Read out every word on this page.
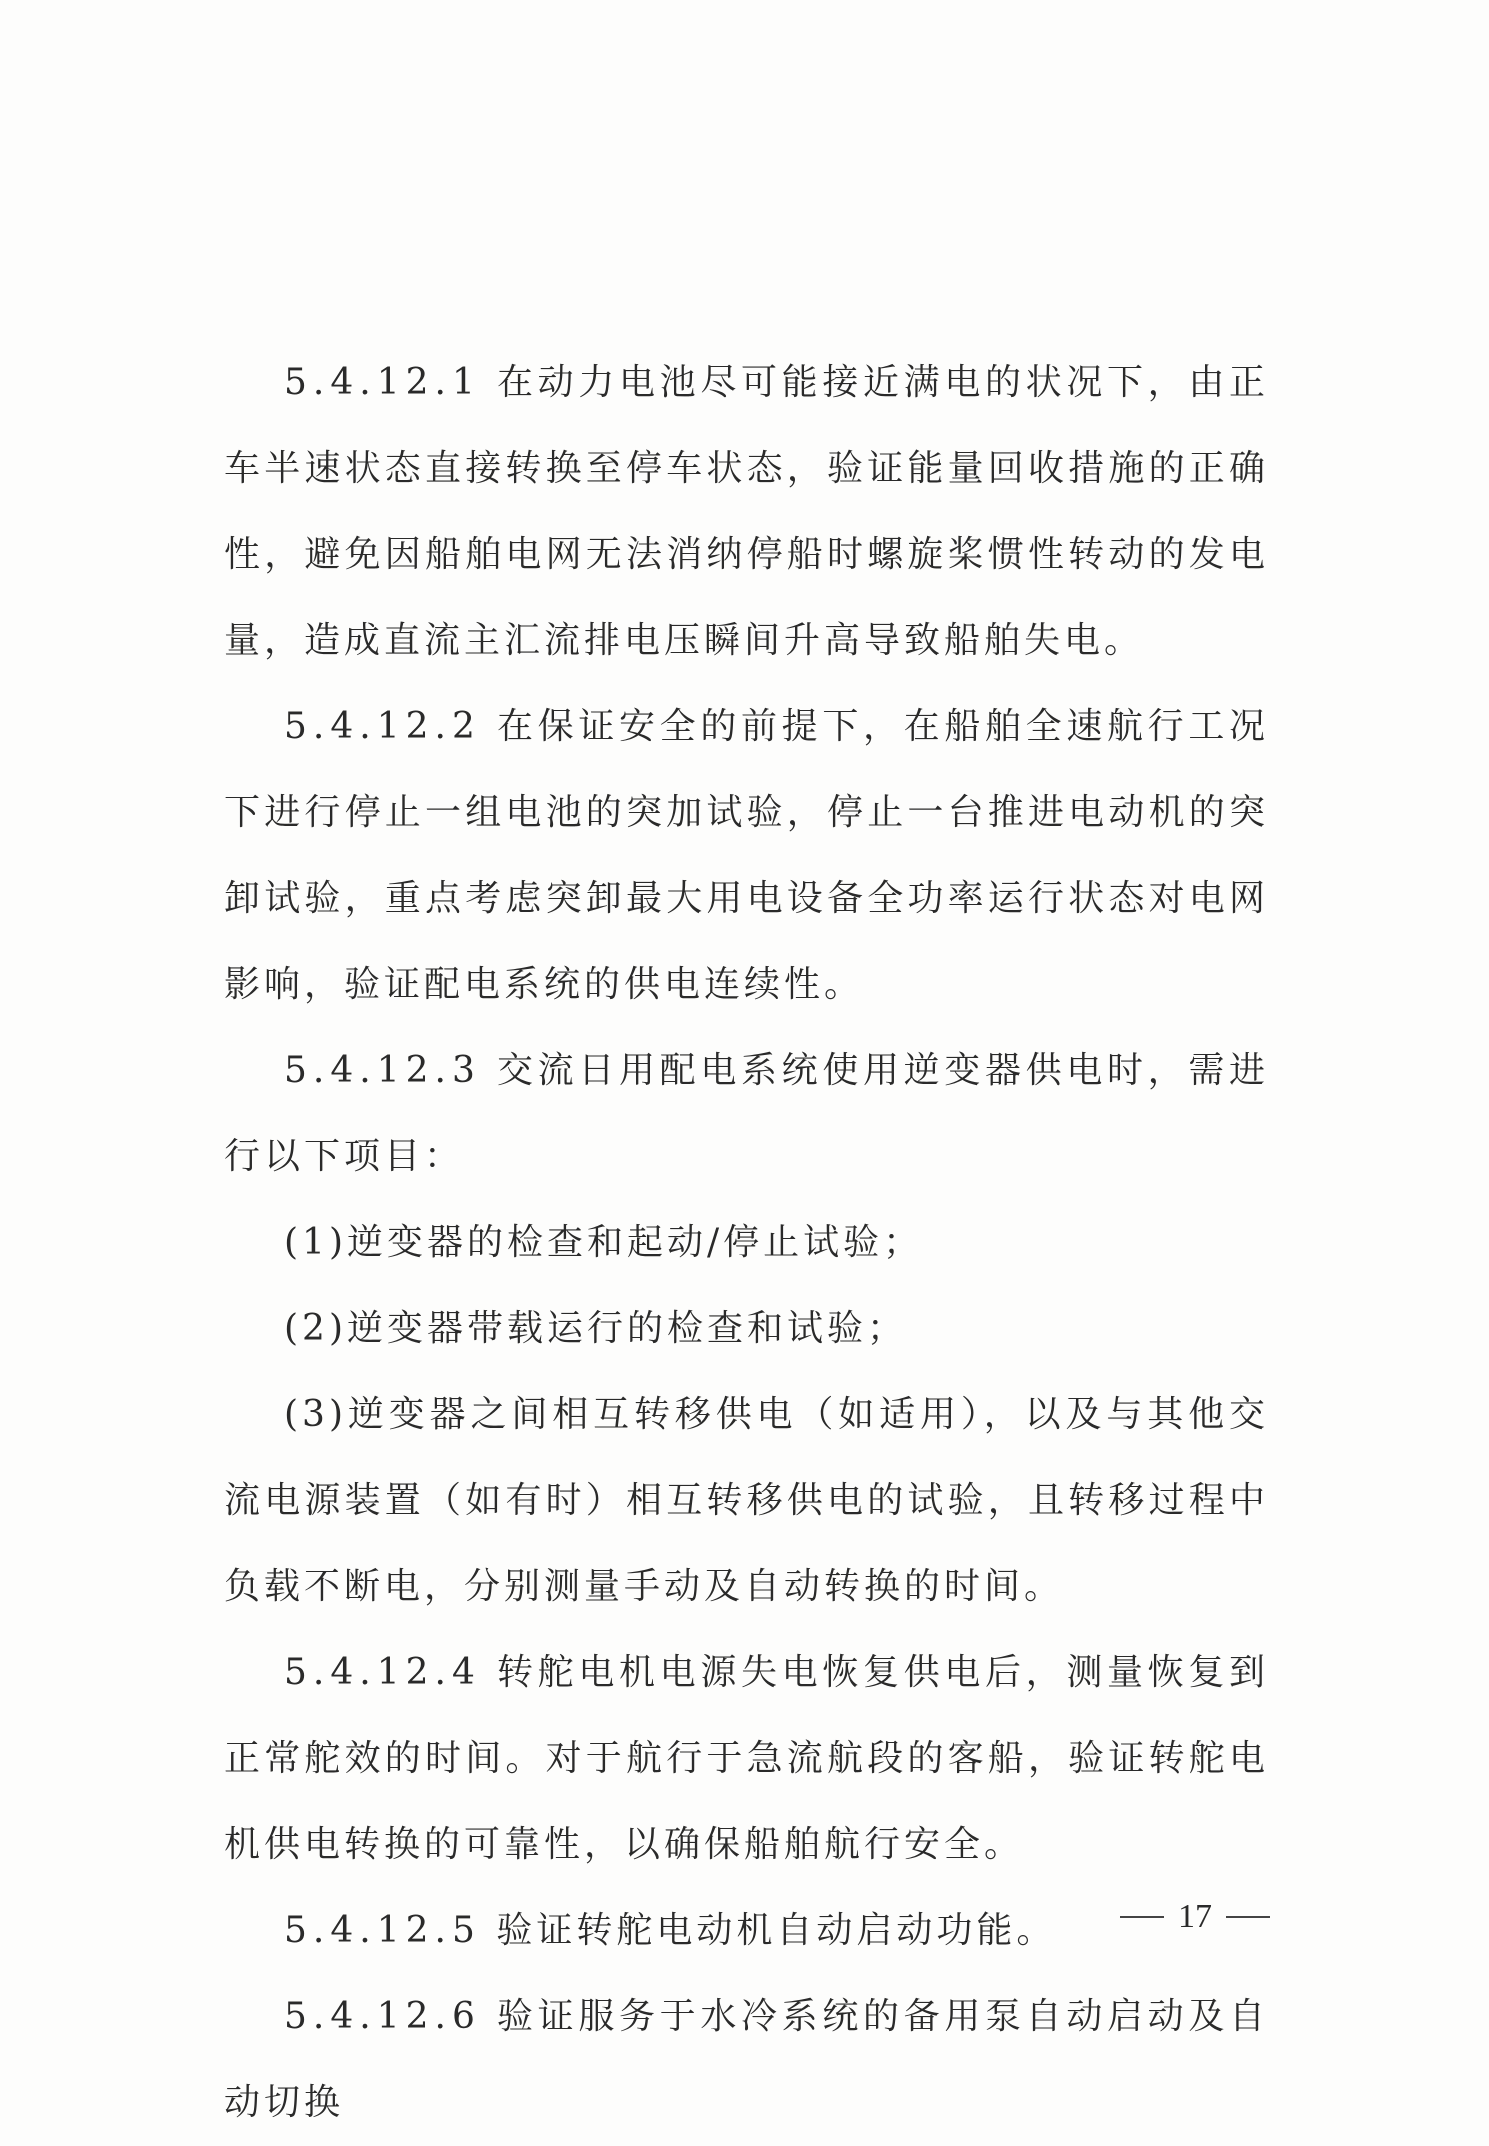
5.4.12.1 在动力电池尽可能接近满电的状况下，由正车半速状态直接转换至停车状态，验证能量回收措施的正确性，避免因船舶电网无法消纳停船时螺旋桨惯性转动的发电量，造成直流主汇流排电压瞬间升高导致船舶失电。

5.4.12.2 在保证安全的前提下，在船舶全速航行工况下进行停止一组电池的突加试验，停止一台推进电动机的突卸试验，重点考虑突卸最大用电设备全功率运行状态对电网影响，验证配电系统的供电连续性。

5.4.12.3 交流日用配电系统使用逆变器供电时，需进行以下项目：

(1)逆变器的检查和起动/停止试验；

(2)逆变器带载运行的检查和试验；

(3)逆变器之间相互转移供电（如适用），以及与其他交流电源装置（如有时）相互转移供电的试验，且转移过程中负载不断电，分别测量手动及自动转换的时间。

5.4.12.4 转舵电机电源失电恢复供电后，测量恢复到正常舵效的时间。对于航行于急流航段的客船，验证转舵电机供电转换的可靠性，以确保船舶航行安全。

5.4.12.5 验证转舵电动机自动启动功能。

5.4.12.6 验证服务于水冷系统的备用泵自动启动及自动切换

17
